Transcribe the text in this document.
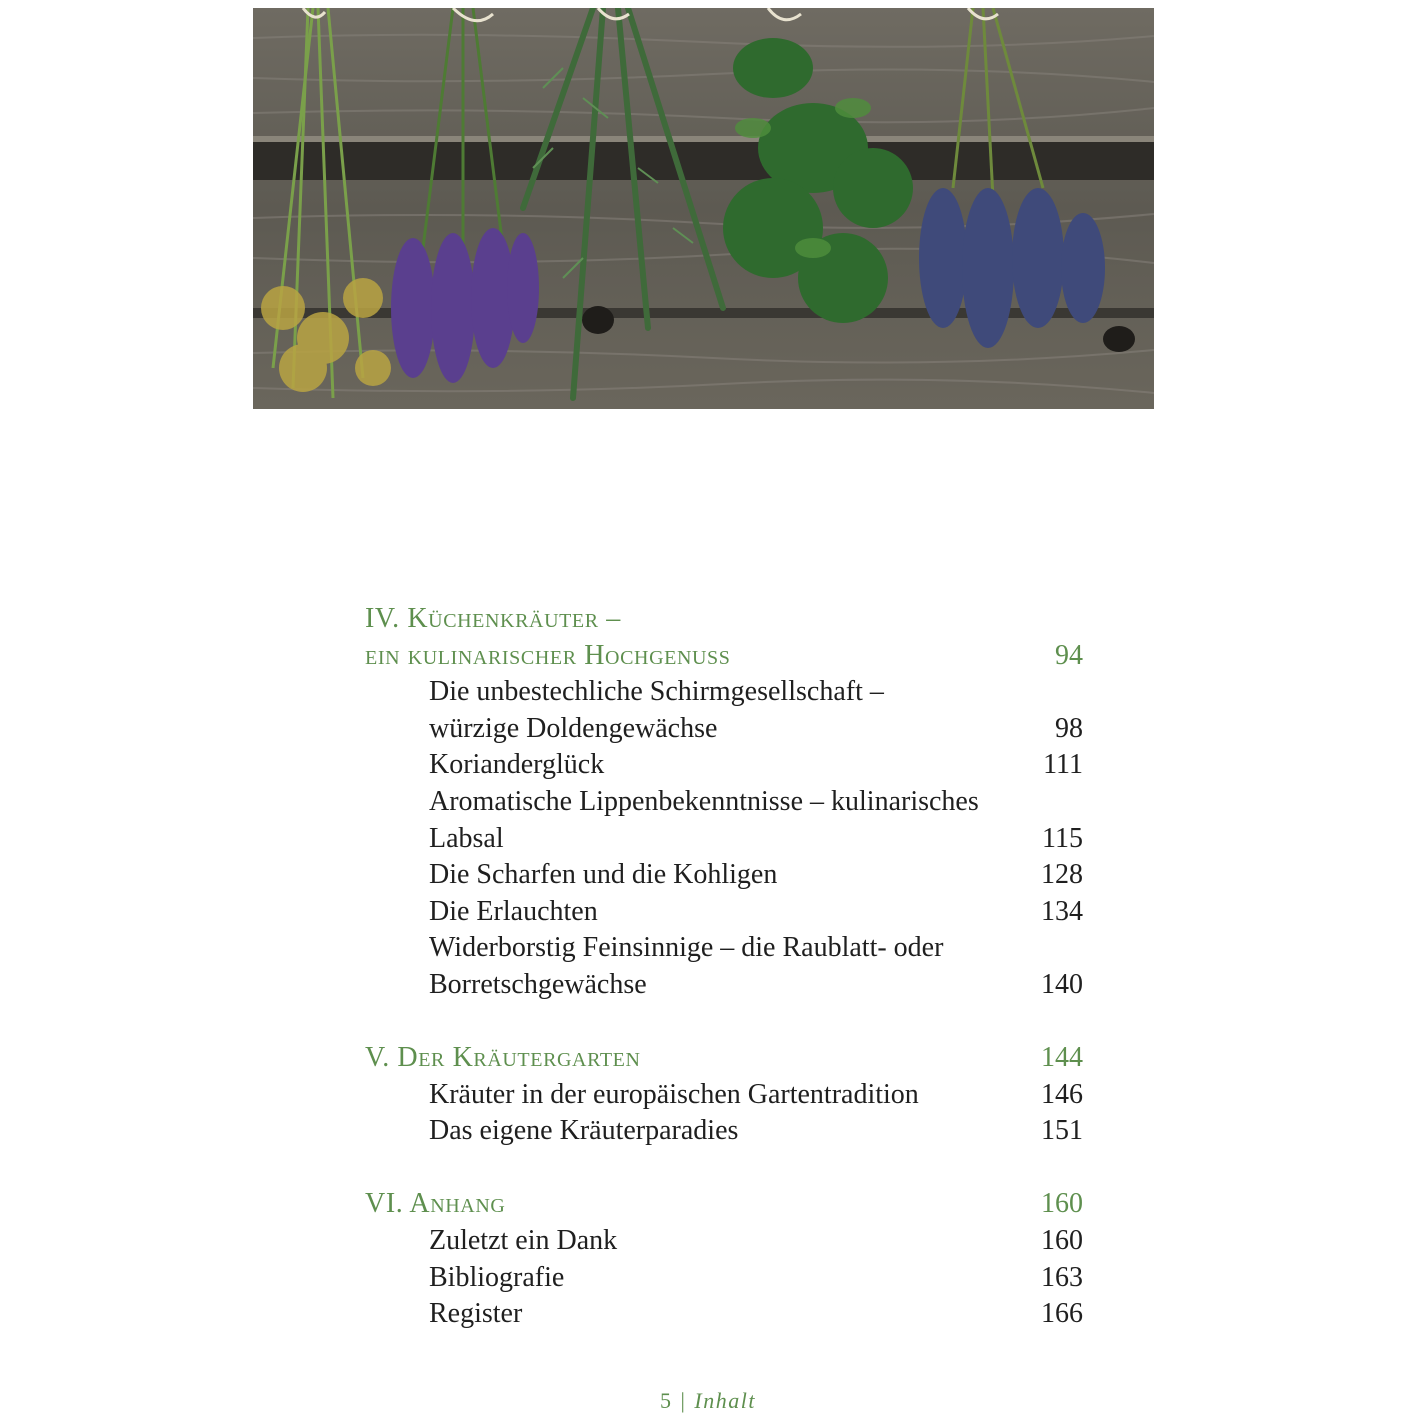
IV. Küchenkräuter –
ein kulinarischer Hochgenuss	94
Die unbestechliche Schirmgesellschaft –
würzige Doldengewächse	98
Korianderglück	111
Aromatische Lippenbekenntnisse – kulinarisches
Labsal	115
Die Scharfen und die Kohligen	128
Die Erlauchten	134
Widerborstig Feinsinnige – die Raublatt- oder
Borretschgewächse	140
V. Der Kräutergarten	144
Kräuter in der europäischen Gartentradition	146
Das eigene Kräuterparadies	151
VI. Anhang	160
Zuletzt ein Dank	160
Bibliografie	163
Register	166
5 | Inhalt
